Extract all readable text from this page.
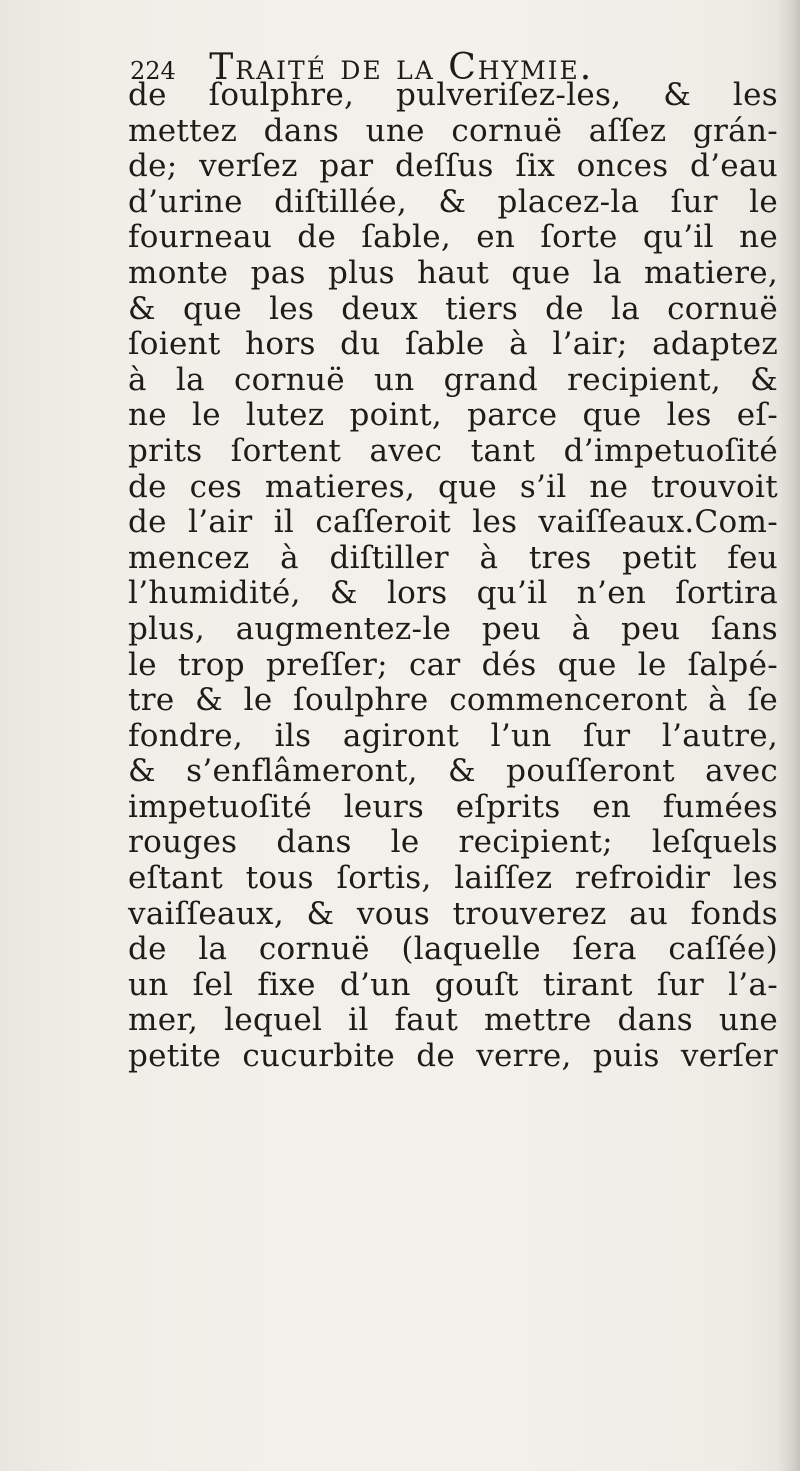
224 Traité de la Chymie.
de ſoulphre, pulveriſez-les, & les
mettez dans une cornuë aſſez grán-
de; verſez par deſſus ſix onces d’eau
d’urine diſtillée, & placez-la ſur le
fourneau de ſable, en ſorte qu’il ne
monte pas plus haut que la matiere,
& que les deux tiers de la cornuë
ſoient hors du ſable à l’air; adaptez
à la cornuë un grand recipient, &
ne le lutez point, parce que les eſ-
prits ſortent avec tant d’impetuoſité
de ces matieres, que s’il ne trouvoit
de l’air il caſſeroit les vaiſſeaux.Com-
mencez à diſtiller à tres petit feu
l’humidité, & lors qu’il n’en ſortira
plus, augmentez-le peu à peu ſans
le trop preſſer; car dés que le ſalpé-
tre & le ſoulphre commenceront à ſe
fondre, ils agiront l’un ſur l’autre,
& s’enflâmeront, & pouſſeront avec
impetuoſité leurs eſprits en fumées
rouges dans le recipient; leſquels
eſtant tous ſortis, laiſſez refroidir les
vaiſſeaux, & vous trouverez au fonds
de la cornuë (laquelle ſera caſſée)
un ſel fixe d’un gouſt tirant ſur l’a-
mer, lequel il faut mettre dans une
petite cucurbite de verre, puis verſer
